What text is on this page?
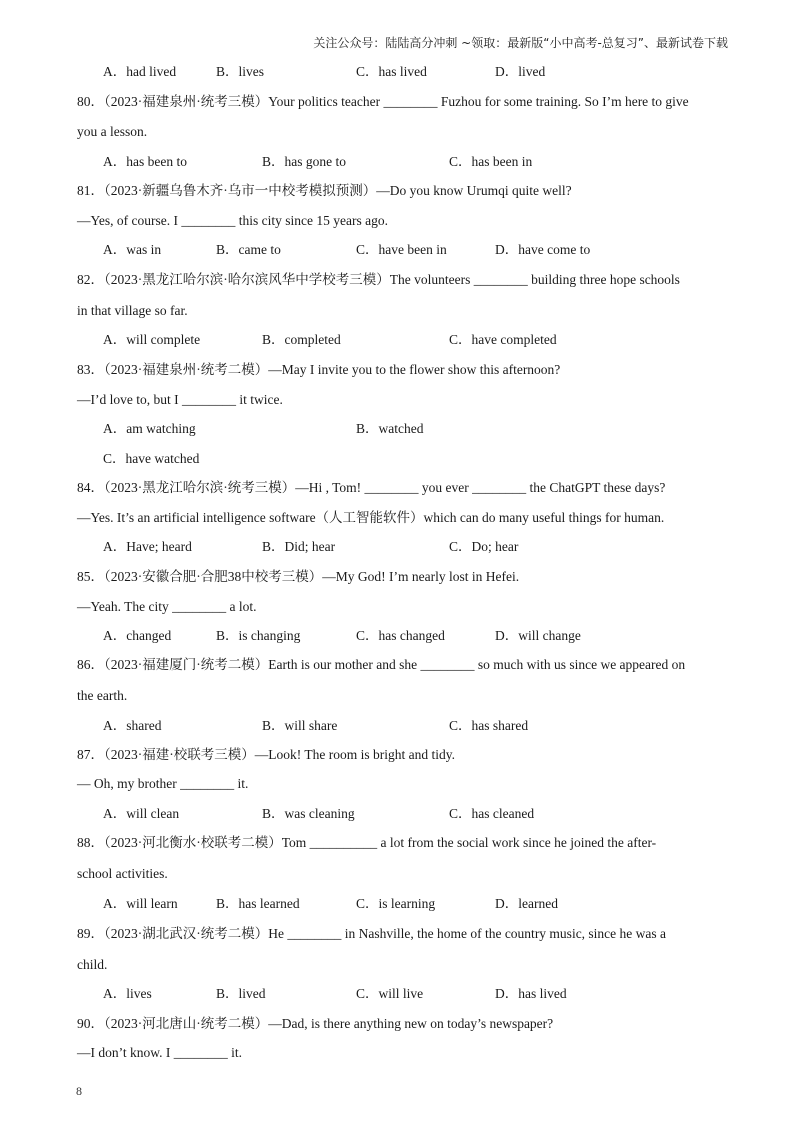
关注公众号：陆陆高分冲刺 ~领取：最新版“小中高考-总复习”、最新试卷下载
A．had lived	B．lives	C．has lived	D．lived
80．（2023·福建泉州·统考三模）Your politics teacher ________ Fuzhou for some training. So I’m here to give
you a lesson.
A．has been to	B．has gone to	C．has been in
81．（2023·新疆乌鲁木齐·乌市一中校考模拟预测）—Do you know Urumqi quite well?
—Yes, of course. I ________ this city since 15 years ago.
A．was in	B．came to	C．have been in	D．have come to
82．（2023·黑龙江哈尔滨·哈尔滨风华中学校考三模）The volunteers ________ building three hope schools
in that village so far.
A．will complete	B．completed	C．have completed
83．（2023·福建泉州·统考二模）—May I invite you to the flower show this afternoon?
—I’d love to, but I ________ it twice.
A．am watching	B．watched
C．have watched
84．（2023·黑龙江哈尔滨·统考三模）—Hi , Tom! ________ you ever ________ the ChatGPT these days?
—Yes. It’s an artificial intelligence software（人工智能软件）which can do many useful things for human.
A．Have; heard	B．Did; hear	C．Do; hear
85．（2023·安徽合肥·合肥38中校考三模）—My God! I’m nearly lost in Hefei.
—Yeah. The city ________ a lot.
A．changed	B．is changing	C．has changed	D．will change
86．（2023·福建厦门·统考二模）Earth is our mother and she ________ so much with us since we appeared on
the earth.
A．shared	B．will share	C．has shared
87．（2023·福建·校联考三模）—Look! The room is bright and tidy.
— Oh, my brother ________ it.
A．will clean	B．was cleaning	C．has cleaned
88．（2023·河北衡水·校联考二模）Tom __________ a lot from the social work since he joined the after-
school activities.
A．will learn	B．has learned	C．is learning	D．learned
89．（2023·湖北武汉·统考二模）He ________ in Nashville, the home of the country music, since he was a
child.
A．lives	B．lived	C．will live	D．has lived
90．（2023·河北唐山·统考二模）—Dad, is there anything new on today’s newspaper?
—I don’t know. I ________ it.
8
